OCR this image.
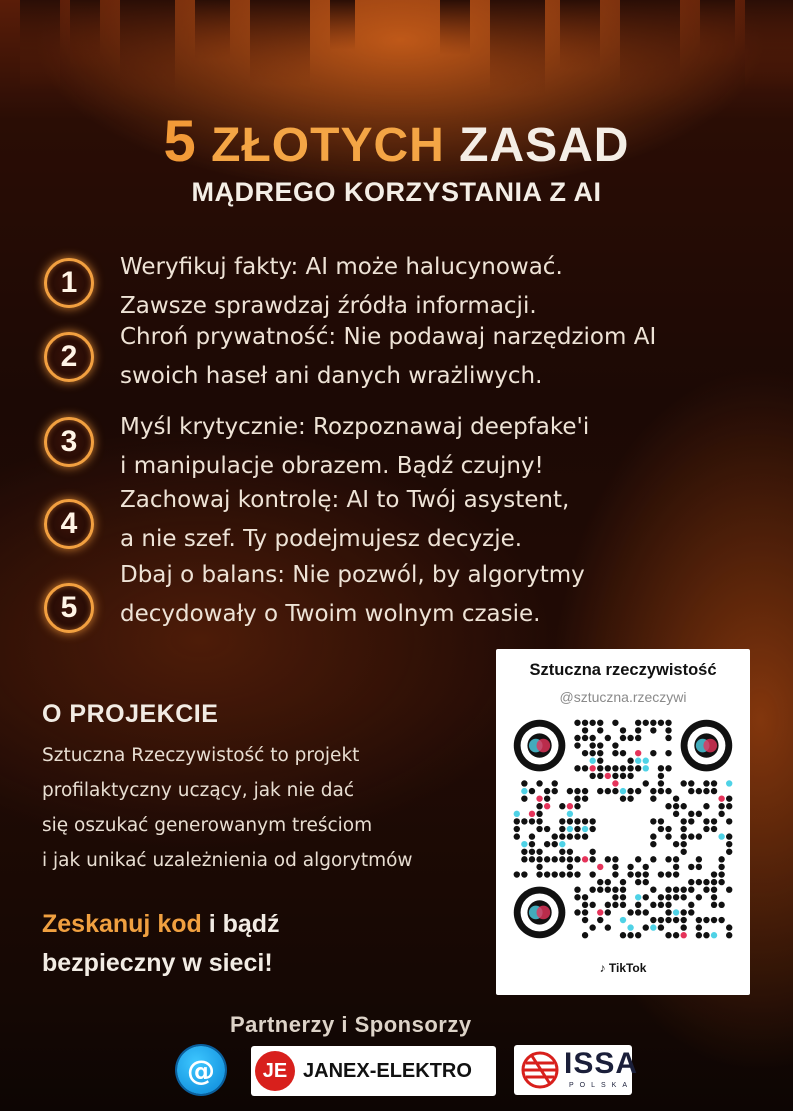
5 ZŁOTYCH ZASAD
MĄDREGO KORZYSTANIA Z AI
1	Weryfikuj fakty: AI może halucynować.
Zawsze sprawdzaj źródła informacji.
2
Chroń prywatność: Nie podawaj narzędziom AI
swoich haseł ani danych wrażliwych.
3	Myśl krytycznie: Rozpoznawaj deepfake'i
i manipulacje obrazem. Bądź czujny!
4
Zachowaj kontrolę: AI to Twój asystent,
a nie szef. Ty podejmujesz decyzje.
5
Dbaj o balans: Nie pozwól, by algorytmy
decydowały o Twoim wolnym czasie.
O PROJEKCIE
Sztuczna Rzeczywistość to projekt
profilaktyczny uczący, jak nie dać
się oszukać generowanym treściom
i jak unikać uzależnienia od algorytmów
Zeskanuj kod i bądź
bezpieczny w sieci!
Sztuczna rzeczywistość
@sztuczna.rzeczywi
♪ TikTok
Partnerzy i Sponsorzy
@	JE JANEX-ELEKTRO	ISSA
POLSKA
